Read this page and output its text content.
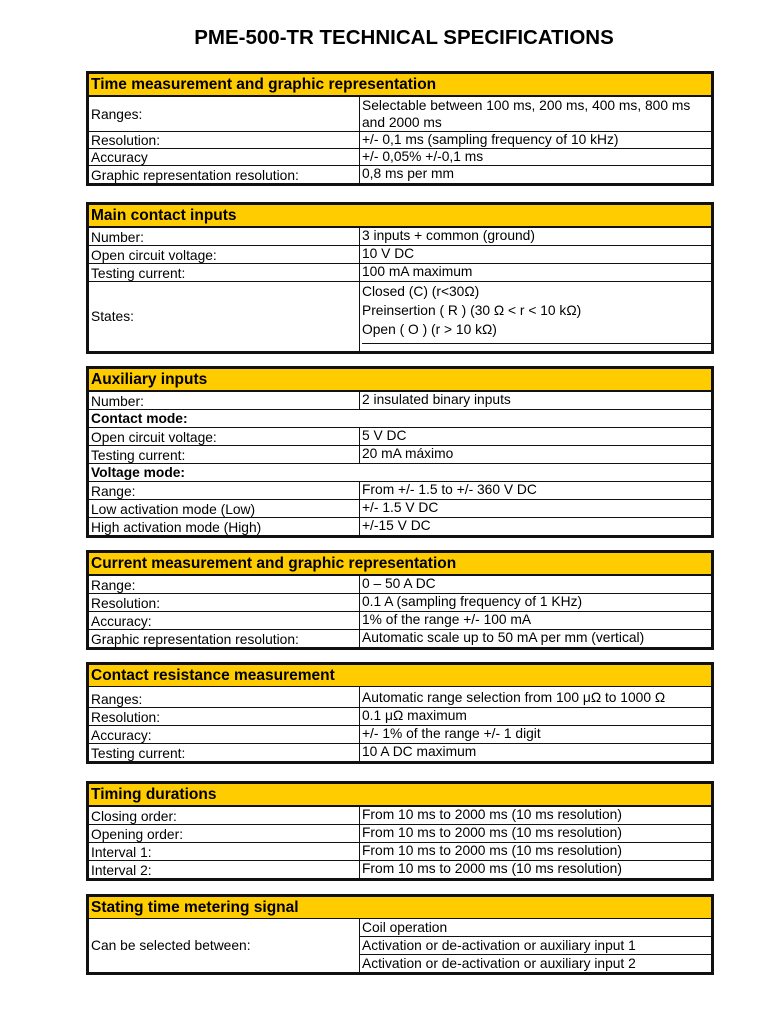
PME-500-TR TECHNICAL SPECIFICATIONS
Time measurement and graphic representation
Ranges:
Selectable between 100 ms, 200 ms, 400 ms, 800 ms and 2000 ms
Resolution:	+/- 0,1 ms (sampling frequency of 10 kHz)
Accuracy	+/- 0,05% +/-0,1 ms
Graphic representation resolution:	0,8 ms per mm
Main contact inputs
Number:	3 inputs + common (ground)
Open circuit voltage:	10 V DC
Testing current:	100 mA maximum
States:
Closed (C) (r<30Ω)
Preinsertion ( R ) (30 Ω < r < 10 kΩ)
Open ( O ) (r > 10 kΩ)
Auxiliary inputs
Number:	2 insulated binary inputs
Contact mode:
Open circuit voltage:	5 V DC
Testing current:	20 mA máximo
Voltage mode:
Range:	From +/- 1.5 to +/- 360 V DC
Low activation mode (Low)	+/- 1.5 V DC
High activation mode (High)	+/-15 V DC
Current measurement and graphic representation
Range:	0 – 50 A DC
Resolution:	0.1 A (sampling frequency of 1 KHz)
Accuracy:	1% of the range +/- 100 mA
Graphic representation resolution:	Automatic scale up to 50 mA per mm (vertical)
Contact resistance measurement
Ranges:	Automatic range selection from 100 μΩ to 1000 Ω
Resolution:	0.1 μΩ maximum
Accuracy:	+/- 1% of the range +/- 1 digit
Testing current:	10 A DC maximum
Timing durations
Closing order:	From 10 ms to 2000 ms (10 ms resolution)
Opening order:	From 10 ms to 2000 ms (10 ms resolution)
Interval 1:	From 10 ms to 2000 ms (10 ms resolution)
Interval 2:	From 10 ms to 2000 ms (10 ms resolution)
Stating time metering signal
Can be selected between:
Coil operation
Activation or de-activation or auxiliary input 1
Activation or de-activation or auxiliary input 2
